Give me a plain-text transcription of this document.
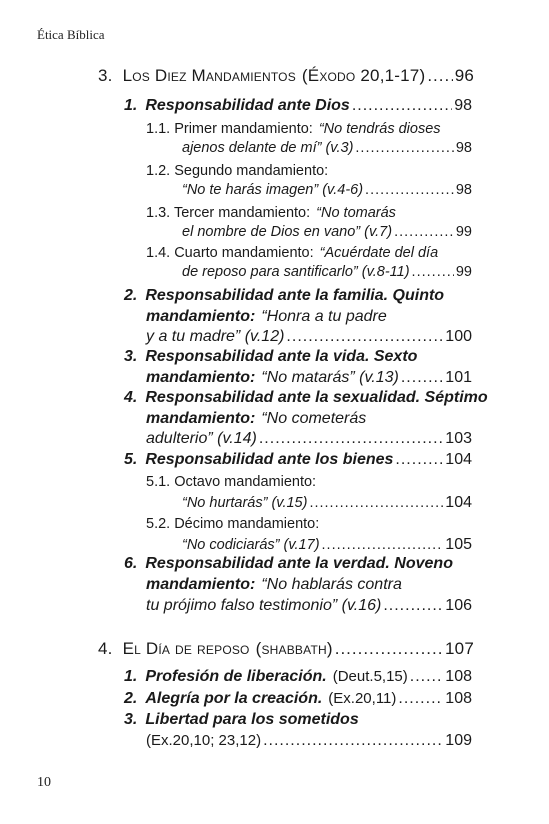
Ética Bíblica
3. Los Diez Mandamientos (Éxodo 20,1-17) ..... 96
1. Responsabilidad ante Dios .....	98
1.1. Primer mandamiento: “No tendrás dioses
ajenos delante de mí” (v.3) .....	98
1.2. Segundo mandamiento:
“No te harás imagen” (v.4-6) .....	98
1.3. Tercer mandamiento: “No tomarás
el nombre de Dios en vano” (v.7) .....	99
1.4. Cuarto mandamiento: “Acuérdate del día
de reposo para santificarlo” (v.8-11) .....	99
2. Responsabilidad ante la familia. Quinto
mandamiento: “Honra a tu padre
y a tu madre” (v.12) .....	100
3. Responsabilidad ante la vida. Sexto
mandamiento: “No matarás” (v.13) .....	101
4. Responsabilidad ante la sexualidad. Séptimo
mandamiento: “No cometerás
adulterio” (v.14) .....	103
5. Responsabilidad ante los bienes .....	104
5.1. Octavo mandamiento:
“No hurtarás” (v.15) .....	104
5.2. Décimo mandamiento:
“No codiciarás” (v.17) .....	105
6. Responsabilidad ante la verdad. Noveno
mandamiento: “No hablarás contra
tu prójimo falso testimonio” (v.16) .....	106
4. El Día de reposo (shabbath) .....	107
1. Profesión de liberación. (Deut.5,15) ..... 108
2. Alegría por la creación. (Ex.20,11) .....	108
3. Libertad para los sometidos
(Ex.20,10; 23,12) .....	109
10
